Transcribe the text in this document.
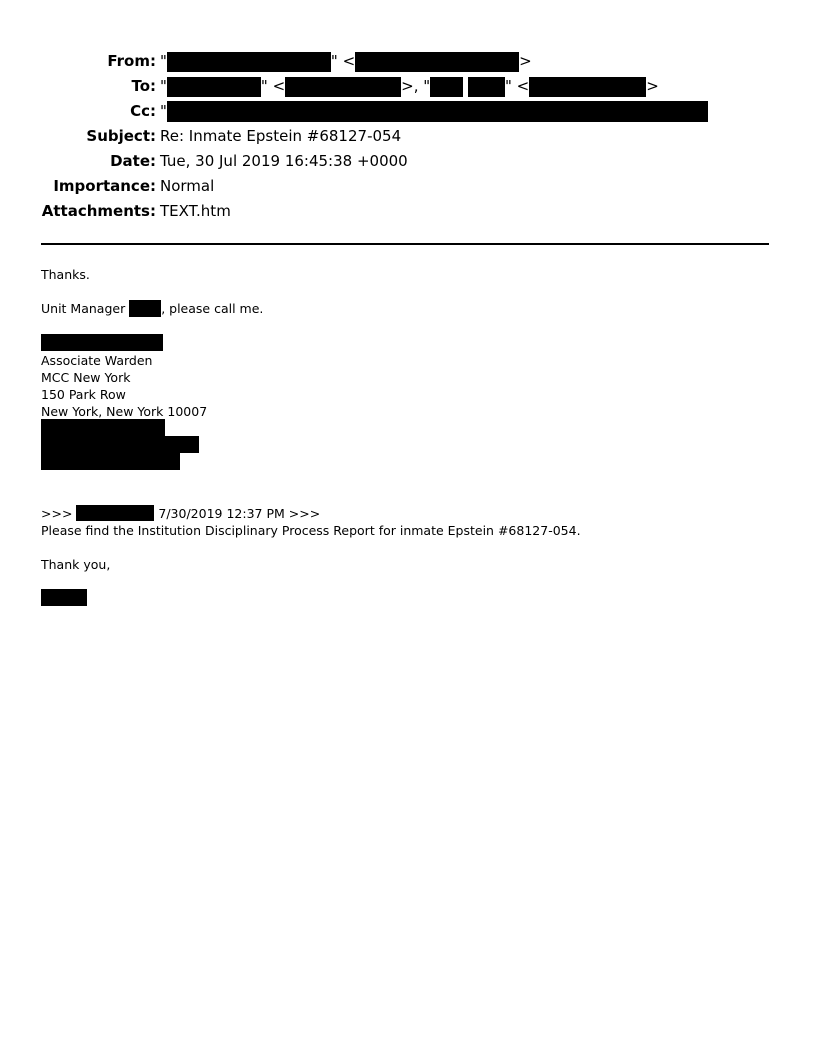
From: "	" <	>
To: "	" <	>, "	" <	>
Cc: "
Subject: Re: Inmate Epstein #68127-054
Date: Tue, 30 Jul 2019 16:45:38 +0000
Importance: Normal
Attachments: TEXT.htm
Thanks.
Unit Manager	, please call me.
Associate Warden
MCC New York
150 Park Row
New York, New York 10007
>>>	7/30/2019 12:37 PM >>>
Please find the Institution Disciplinary Process Report for inmate Epstein #68127-054.
Thank you,
